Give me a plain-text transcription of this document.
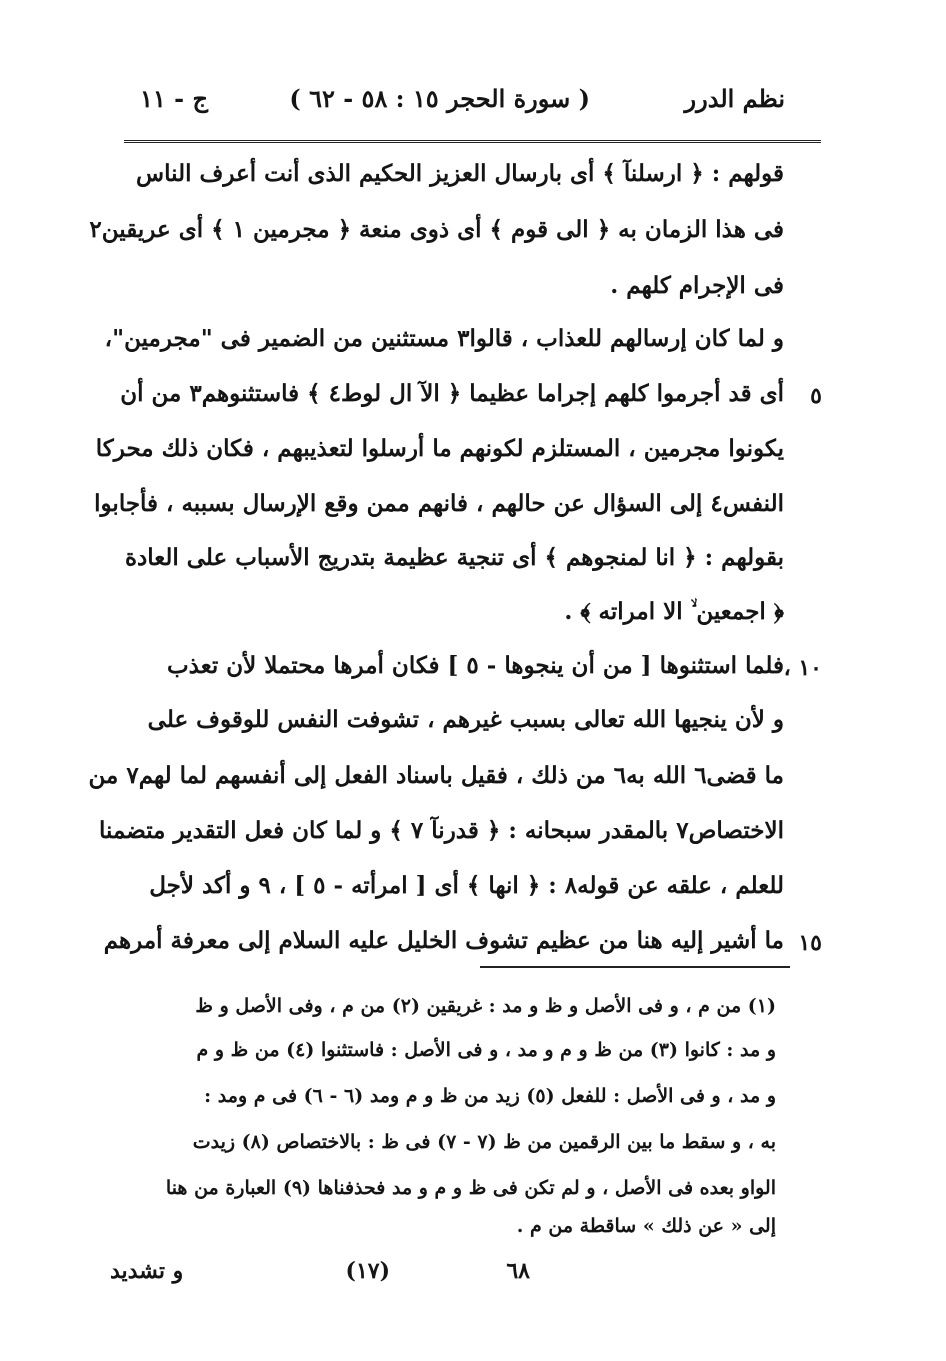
نظم الدرر
( سورة الحجر ١٥ : ٥٨ - ٦٢ )
ج - ١١
قولهم : ﴿ ارسلنآ ﴾ أى بارسال العزيز الحكيم الذى أنت أعرف الناس
فى هذا الزمان به ﴿ الى قوم ﴾ أى ذوى منعة ﴿ مجرمين ١ ﴾ أى عريقين٢
فى الإجرام كلهم .
و لما كان إرسالهم للعذاب ، قالوا٣ مستثنين من الضمير فى "مجرمين"،
أى قد أجرموا كلهم إجراما عظيما ﴿ الآ ال لوط٤ ﴾ فاستثنوهم٣ من أن ٥
يكونوا مجرمين ، المستلزم لكونهم ما أرسلوا لتعذيبهم ، فكان ذلك محركا
النفس٤ إلى السؤال عن حالهم ، فانهم ممن وقع الإرسال بسببه ، فأجابوا
بقولهم : ﴿ انا لمنجوهم ﴾ أى تنجية عظيمة بتدريج الأسباب على العادة
﴿ اجمعين ۙ الا امراته ﴾ .
فلما استثنوها [ من أن ينجوها - ٥ ] فكان أمرها محتملا لأن تعذب ١٠ ،
و لأن ينجيها الله تعالى بسبب غيرهم ، تشوفت النفس للوقوف على
ما قضى٦ الله به٦ من ذلك ، فقيل باسناد الفعل إلى أنفسهم لما لهم٧ من
الاختصاص٧ بالمقدر سبحانه : ﴿ قدرنآ ٧ ﴾ و لما كان فعل التقدير متضمنا
للعلم ، علقه عن قوله٨ : ﴿ انها ﴾ أى [ امرأته - ٥ ] ، ٩ و أكد لأجل
ما أشير إليه هنا من عظيم تشوف الخليل عليه السلام إلى معرفة أمرهم ١٥
(١) من م ، و فى الأصل و ظ و مد : غريقين (٢) من م ، وفى الأصل و ظ
و مد : كانوا (٣) من ظ و م و مد ، و فى الأصل : فاستثنوا (٤) من ظ و م
و مد ، و فى الأصل : للفعل (٥) زيد من ظ و م ومد (٦ - ٦) فى م ومد :
به ، و سقط ما بين الرقمين من ظ (٧ - ٧) فى ظ : بالاختصاص (٨) زيدت
الواو بعده فى الأصل ، و لم تكن فى ظ و م و مد فحذفناها (٩) العبارة من هنا
إلى « عن ذلك » ساقطة من م .
٦٨
(١٧)
و تشديد
